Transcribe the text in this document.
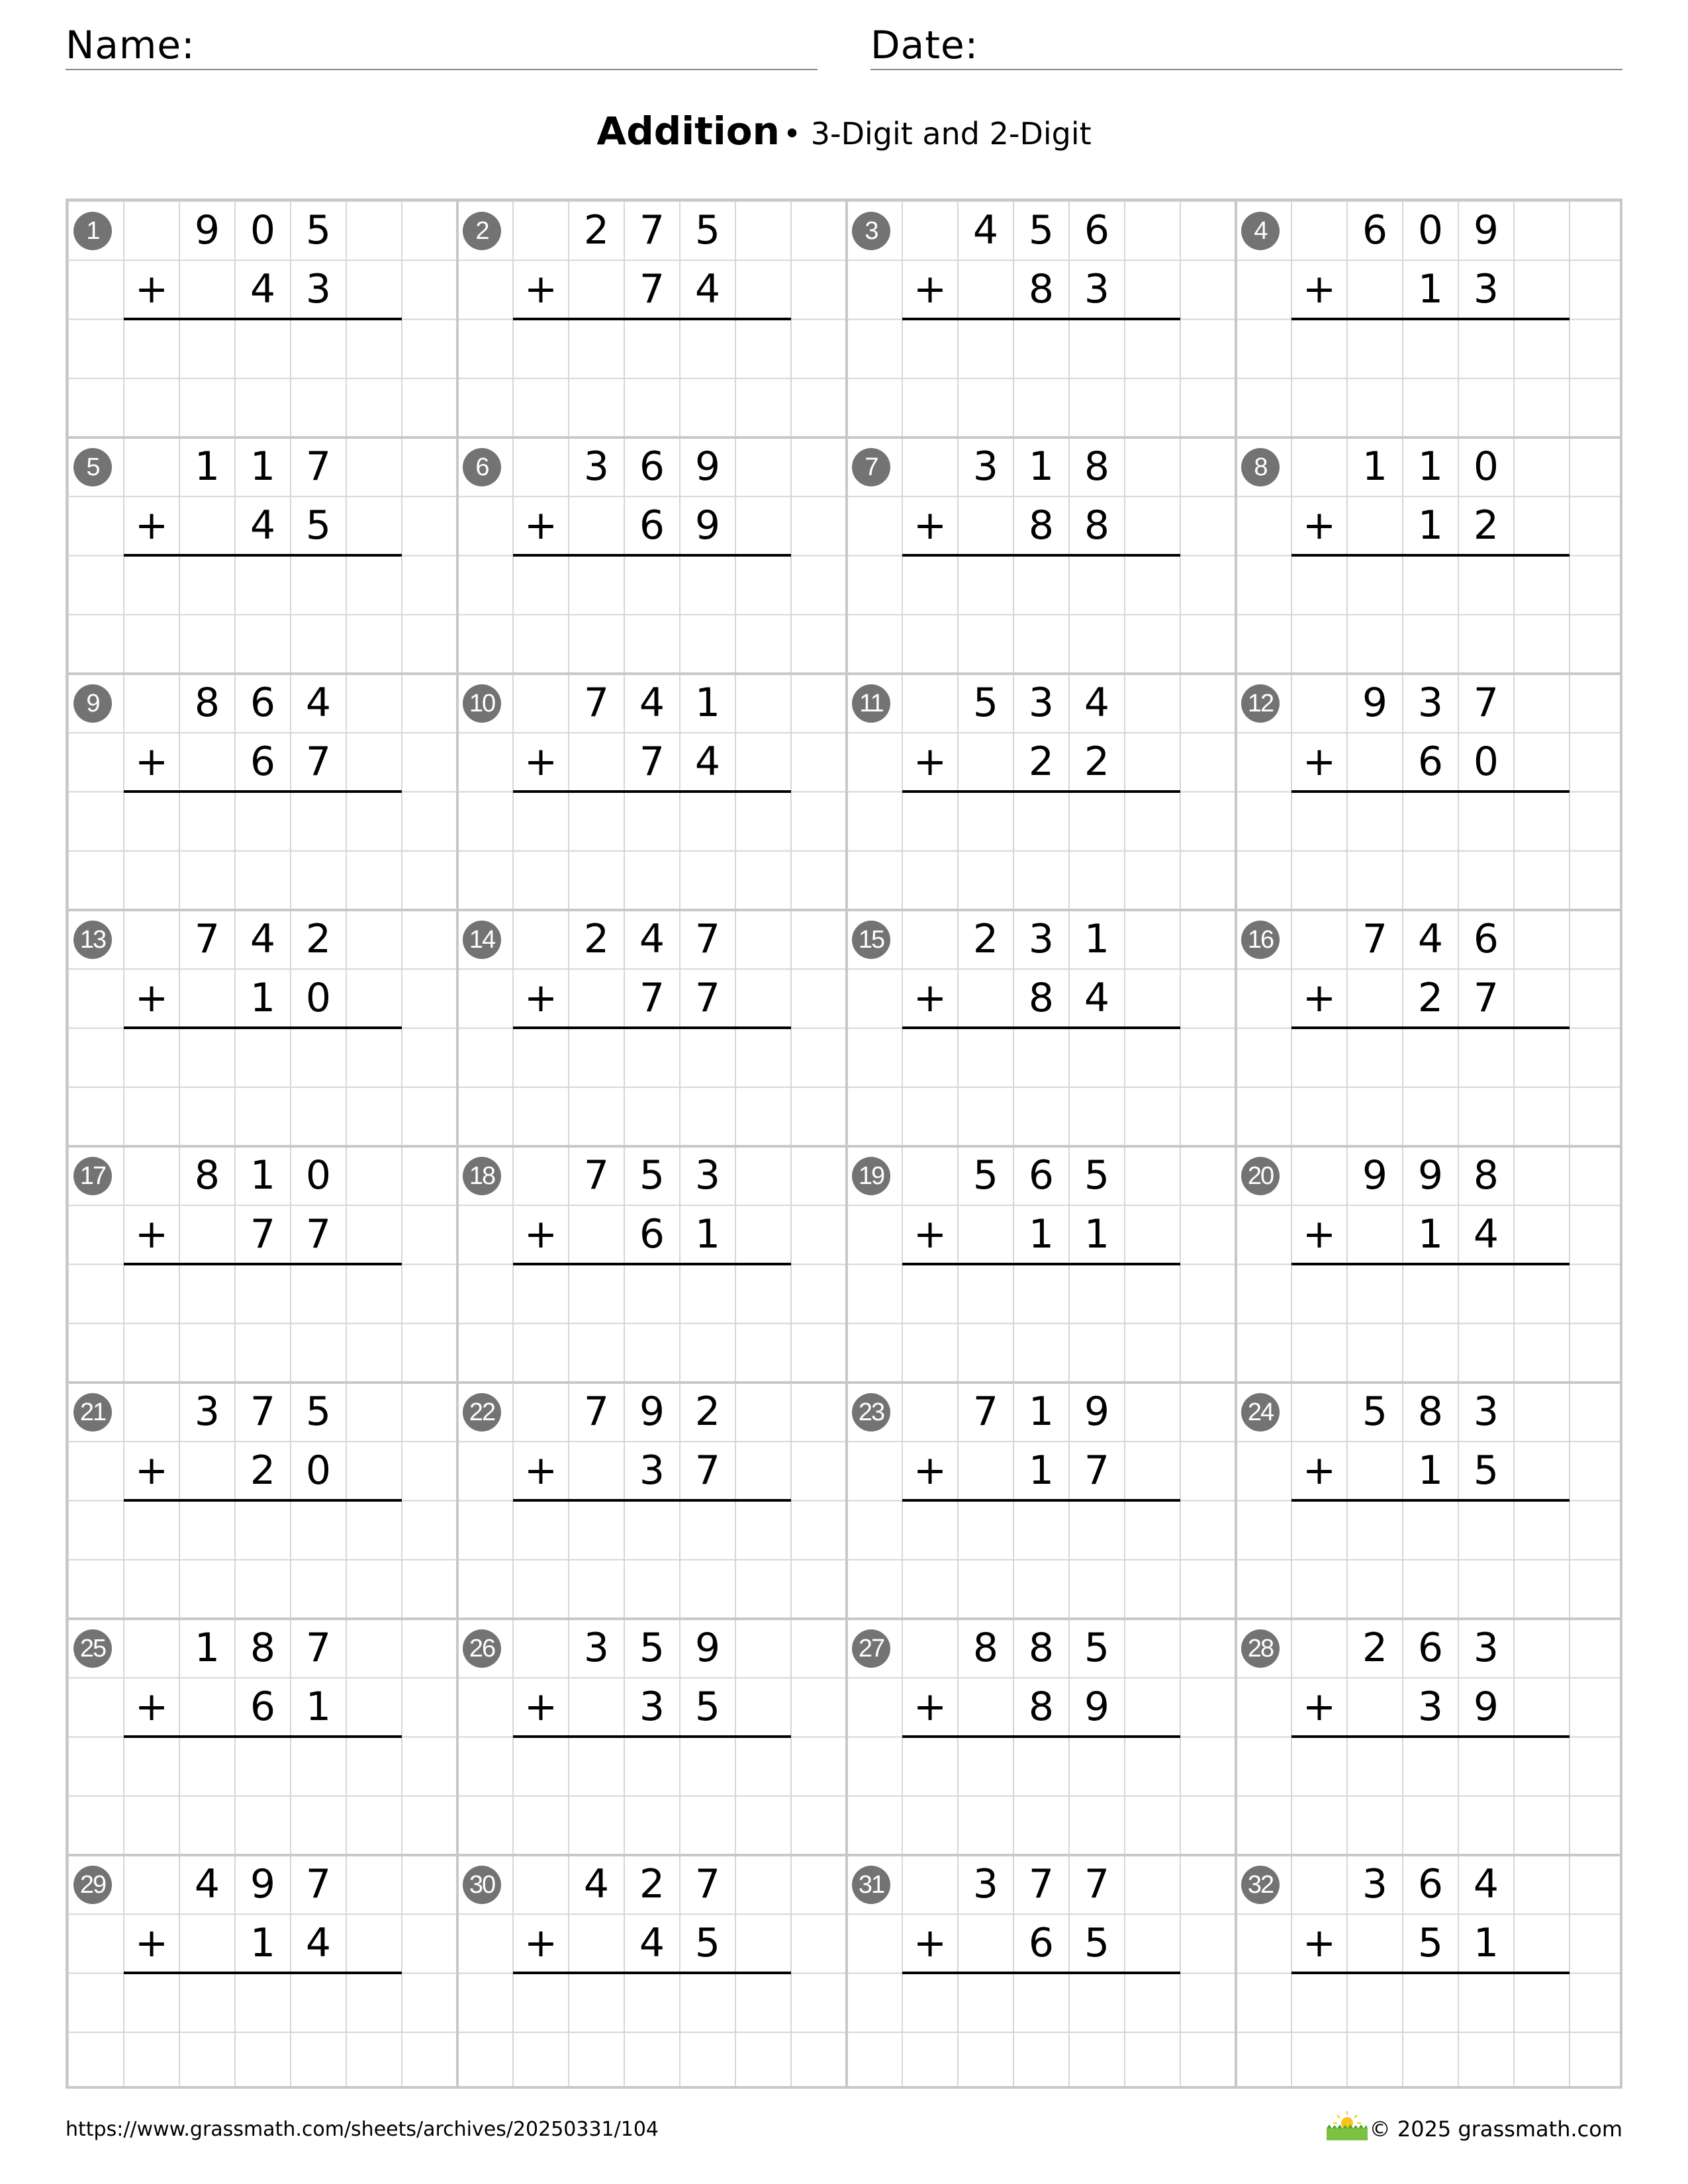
Name:	Date:
Addition • 3-Digit and 2-Digit
1	9 0 5
+	4 3
2	2 7 5
+	7 4
3	4 5 6
+	8 3
4	6 0 9
+	1 3
5	1 1 7
+	4 5
6	3 6 9
+	6 9
7	3 1 8
+	8 8
8	1 1 0
+	1 2
9	8 6 4
+	6 7
10	7 4 1
+	7 4
11	5 3 4
+	2 2
12	9 3 7
+	6 0
13	7 4 2
+	1 0
14	2 4 7
+	7 7
15	2 3 1
+	8 4
16	7 4 6
+	2 7
17	8 1 0
+	7 7
18	7 5 3
+	6 1
19	5 6 5
+	1 1
20	9 9 8
+	1 4
21	3 7 5
+	2 0
22	7 9 2
+	3 7
23	7 1 9
+	1 7
24	5 8 3
+	1 5
25	1 8 7
+	6 1
26	3 5 9
+	3 5
27	8 8 5
+	8 9
28	2 6 3
+	3 9
29	4 9 7
+	1 4
30	4 2 7
+	4 5
31	3 7 7
+	6 5
32	3 6 4
+	5 1
https://www.grassmath.com/sheets/archives/20250331/104	© 2025 grassmath.com
